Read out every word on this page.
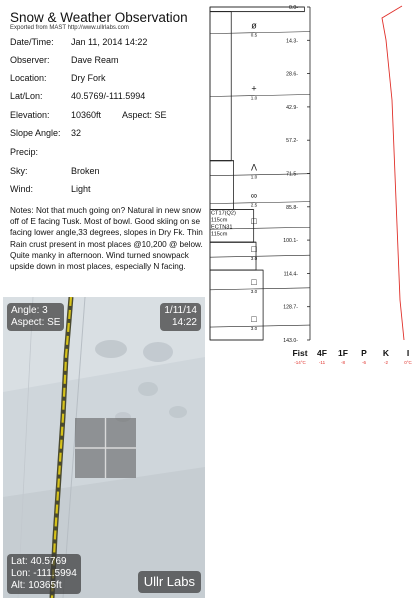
Snow & Weather Observation
Exported from MAST http://www.ullrlabs.com
Date/Time: Jan 11, 2014 14:22
Observer: Dave Ream
Location:	Dry Fork
Lat/Lon:	40.5769/-111.5994
Elevation: 10360ft Aspect: SE
Slope Angle: 32
Precip:
Sky:	Broken
Wind:	Light
Notes: Not that much going on? Natural in new snow off of E facing Tusk. Most of bowl. Good skiing on se facing lower angle,33 degrees, slopes in Dry Fk. Thin Rain crust present in most places @10,200 @ below. Quite manky in afternoon. Wind turned snowpack upside down in most places, especially N facing.
Angle: 3
Aspect: SE
1/11/14
14:22
Lat: 40.5769
Lon: -111.5994
Alt: 10365ft	Ullr Labs
0.0-
14.3-
28.6-
42.9-
57.2-
71.5-
85.8-
100.1-
114.4-
128.7-
143.0-
ø
0.5
+
1.0
Λ
1.0
∞
2.5
□
□
3.0
□
3.0
□
3.0
CT17(Q2)
115cm
ECTN31
115cm
Fist
-14°C
4F
-11
1F
-8
P
-6
K
-2
I
0°C
